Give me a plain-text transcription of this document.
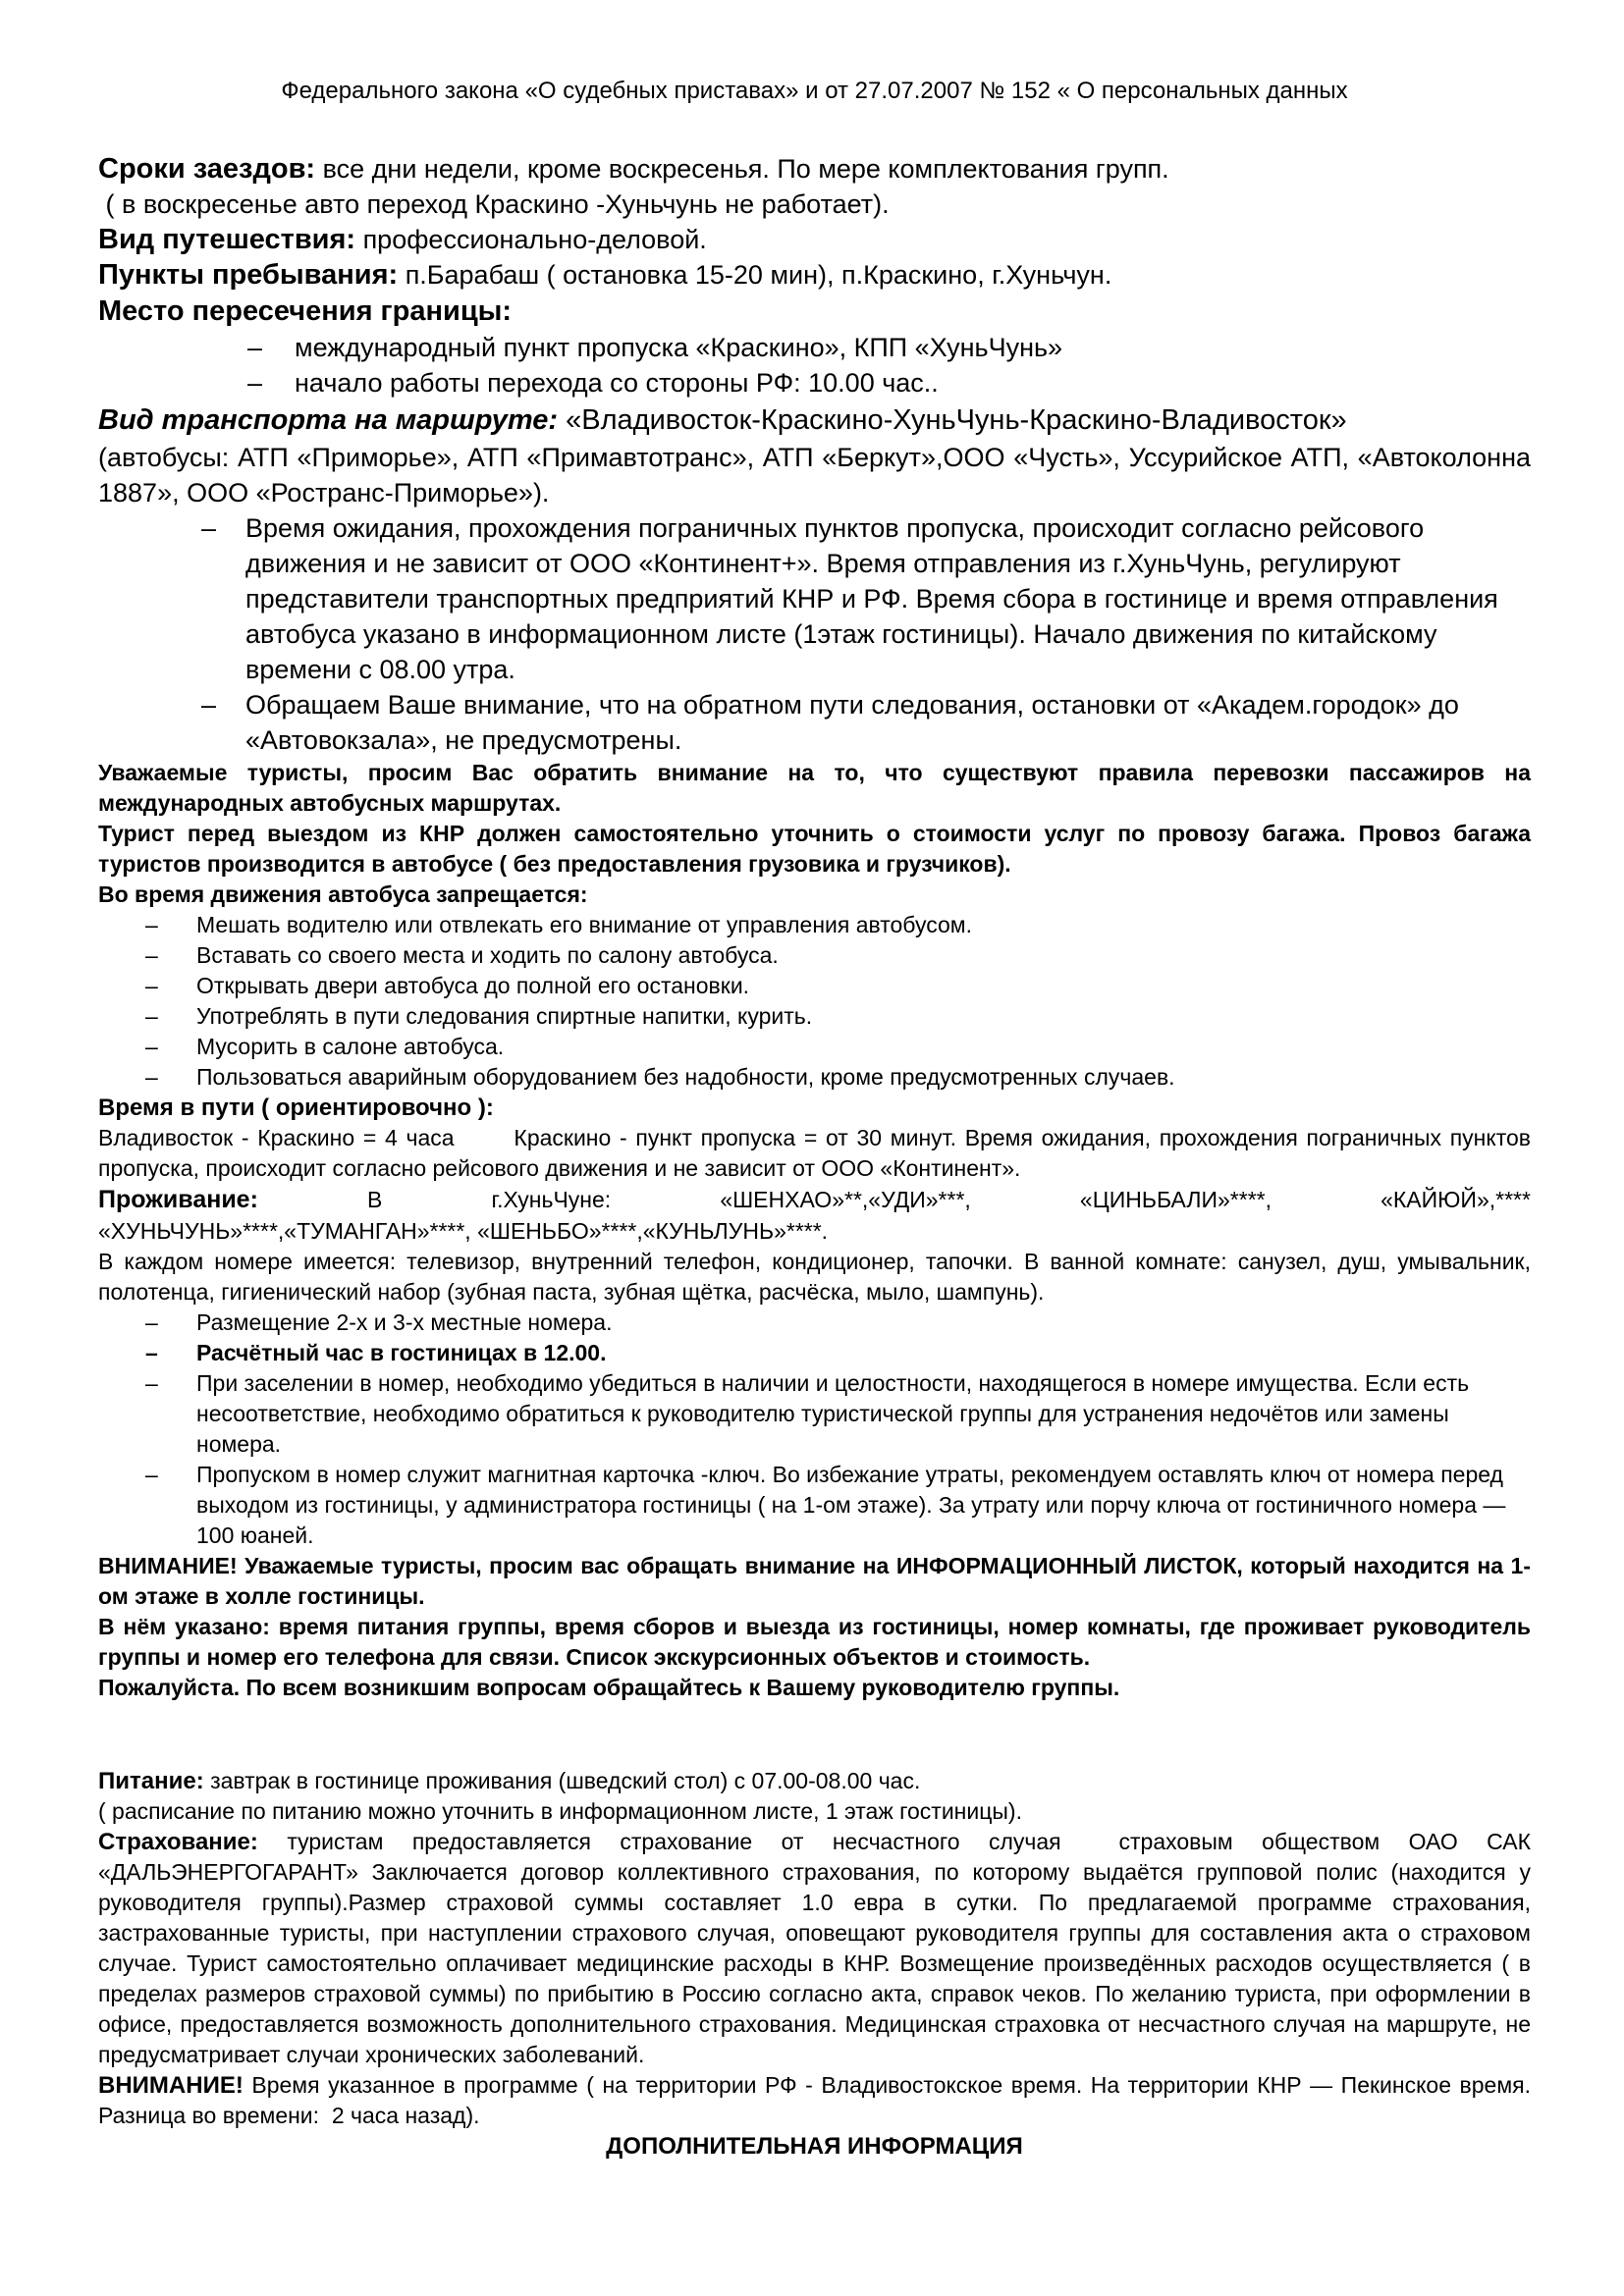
Федерального закона «О судебных приставах» и от 27.07.2007 № 152 « О персональных данных

Сроки заездов: все дни недели, кроме воскресенья. По мере комплектования групп.

( в воскресенье авто переход Краскино -Хуньчунь не работает).

Вид путешествия: профессионально-деловой.

Пункты пребывания: п.Барабаш ( остановка 15-20 мин), п.Краскино, г.Хуньчун.

Место пересечения границы:

– международный пункт пропуска «Краскино», КПП «ХуньЧунь»
– начало работы перехода со стороны РФ: 10.00 час..

Вид транспорта на маршруте: «Владивосток-Краскино-ХуньЧунь-Краскино-Владивосток»

(автобусы: АТП «Приморье», АТП «Примавтотранс», АТП «Беркут»,ООО «Чусть», Уссурийское АТП, «Автоколонна 1887», ООО «Ространс-Приморье»).

– Время ожидания, прохождения пограничных пунктов пропуска, происходит согласно рейсового движения и не зависит от ООО «Континент+». Время отправления из г.ХуньЧунь, регулируют представители транспортных предприятий КНР и РФ. Время сбора в гостинице и время отправления автобуса указано в информационном листе (1этаж гостиницы). Начало движения по китайскому времени с 08.00 утра.
– Обращаем Ваше внимание, что на обратном пути следования, остановки от «Академ.городок» до «Автовокзала», не предусмотрены.

Уважаемые туристы, просим Вас обратить внимание на то, что существуют правила перевозки пассажиров на международных автобусных маршрутах.

Турист перед выездом из КНР должен самостоятельно уточнить о стоимости услуг по провозу багажа. Провоз багажа туристов производится в автобусе ( без предоставления грузовика и грузчиков).

Во время движения автобуса запрещается:

– Мешать водителю или отвлекать его внимание от управления автобусом.
– Вставать со своего места и ходить по салону автобуса.
– Открывать двери автобуса до полной его остановки.
– Употреблять в пути следования спиртные напитки, курить.
– Мусорить в салоне автобуса.
– Пользоваться аварийным оборудованием без надобности, кроме предусмотренных случаев.

Время в пути ( ориентировочно ):

Владивосток - Краскино = 4 часа       Краскино - пункт пропуска = от 30 минут. Время ожидания, прохождения пограничных пунктов пропуска, происходит согласно рейсового движения и не зависит от ООО «Континент».

Проживание:	В	г.ХуньЧуне:	«ШЕНХАО»**,«УДИ»***,	«ЦИНЬБАЛИ»****,	«КАЙЮЙ»,****

«ХУНЬЧУНЬ»****,«ТУМАНГАН»****, «ШЕНЬБО»****,«КУНЬЛУНЬ»****.

В каждом номере имеется: телевизор, внутренний телефон, кондиционер, тапочки. В ванной комнате: санузел, душ, умывальник, полотенца, гигиенический набор (зубная паста, зубная щётка, расчёска, мыло, шампунь).

– Размещение 2-х и 3-х местные номера.
– Расчётный час в гостиницах в 12.00.
– При заселении в номер, необходимо убедиться в наличии и целостности, находящегося в номере имущества. Если есть несоответствие, необходимо обратиться к руководителю туристической группы для устранения недочётов или замены номера.
– Пропуском в номер служит магнитная карточка -ключ. Во избежание утраты, рекомендуем оставлять ключ от номера перед выходом из гостиницы, у администратора гостиницы ( на 1-ом этаже). За утрату или порчу ключа от гостиничного номера — 100 юаней.

ВНИМАНИЕ! Уважаемые туристы, просим вас обращать внимание на ИНФОРМАЦИОННЫЙ ЛИСТОК, который находится на 1-ом этаже в холле гостиницы.

В нём указано: время питания группы, время сборов и выезда из гостиницы, номер комнаты, где проживает руководитель группы и номер его телефона для связи. Список экскурсионных объектов и стоимость.

Пожалуйста. По всем возникшим вопросам обращайтесь к Вашему руководителю группы.

Питание: завтрак в гостинице проживания (шведский стол) с 07.00-08.00 час.

( расписание по питанию можно уточнить в информационном листе, 1 этаж гостиницы).

Страхование: туристам предоставляется страхование от несчастного случая  страховым обществом ОАО САК «ДАЛЬЭНЕРГОГАРАНТ» Заключается договор коллективного страхования, по которому выдаётся групповой полис (находится у руководителя группы).Размер страховой суммы составляет 1.0 евра в сутки. По предлагаемой программе страхования, застрахованные туристы, при наступлении страхового случая, оповещают руководителя группы для составления акта о страховом случае. Турист самостоятельно оплачивает медицинские расходы в КНР. Возмещение произведённых расходов осуществляется ( в пределах размеров страховой суммы) по прибытию в Россию согласно акта, справок чеков. По желанию туриста, при оформлении в офисе, предоставляется возможность дополнительного страхования. Медицинская страховка от несчастного случая на маршруте, не предусматривает случаи хронических заболеваний.

ВНИМАНИЕ! Время указанное в программе ( на территории РФ - Владивостокское время. На территории КНР — Пекинское время. Разница во времени:  2 часа назад).

ДОПОЛНИТЕЛЬНАЯ ИНФОРМАЦИЯ
